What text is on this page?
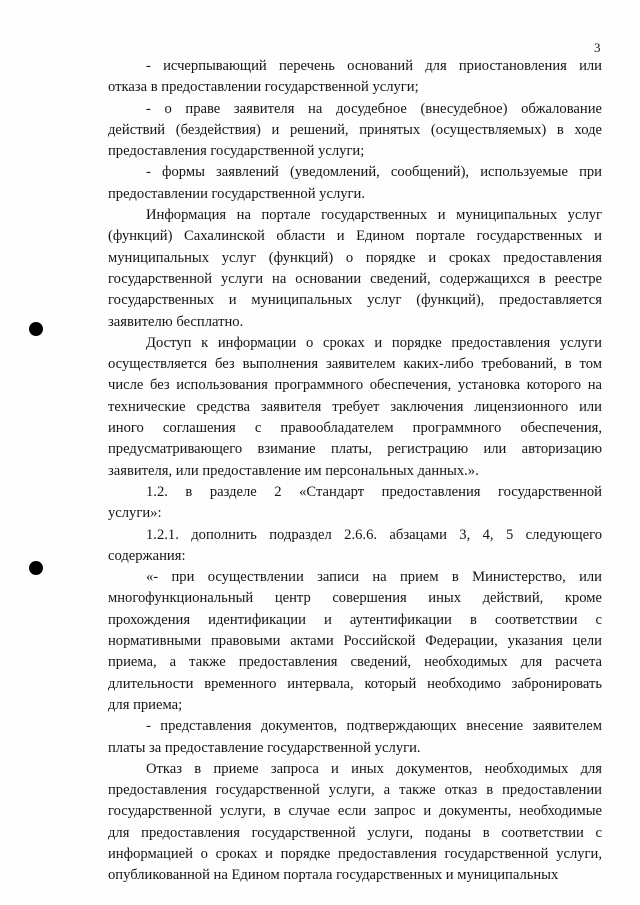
3
- исчерпывающий перечень оснований для приостановления или
отказа в предоставлении государственной услуги;
- о праве заявителя на досудебное (внесудебное) обжалование
действий (бездействия) и решений, принятых (осуществляемых) в ходе
предоставления государственной услуги;
- формы заявлений (уведомлений, сообщений), используемые при
предоставлении государственной услуги.
Информация на портале государственных и муниципальных услуг
(функций) Сахалинской области и Едином портале государственных и
муниципальных услуг (функций) о порядке и сроках предоставления
государственной услуги на основании сведений, содержащихся в реестре
государственных и муниципальных услуг (функций), предоставляется
заявителю бесплатно.
Доступ к информации о сроках и порядке предоставления услуги
осуществляется без выполнения заявителем каких-либо требований, в том
числе без использования программного обеспечения, установка которого на
технические средства заявителя требует заключения лицензионного или
иного соглашения с правообладателем программного обеспечения,
предусматривающего взимание платы, регистрацию или авторизацию
заявителя, или предоставление им персональных данных.».
1.2. в разделе 2 «Стандарт предоставления государственной
услуги»:
1.2.1. дополнить подраздел 2.6.6. абзацами 3, 4, 5 следующего
содержания:
«- при осуществлении записи на прием в Министерство, или
многофункциональный центр совершения иных действий, кроме
прохождения идентификации и аутентификации в соответствии с
нормативными правовыми актами Российской Федерации, указания цели
приема, а также предоставления сведений, необходимых для расчета
длительности временного интервала, который необходимо забронировать
для приема;
- представления документов, подтверждающих внесение заявителем
платы за предоставление государственной услуги.
Отказ в приеме запроса и иных документов, необходимых для
предоставления государственной услуги, а также отказ в предоставлении
государственной услуги, в случае если запрос и документы, необходимые
для предоставления государственной услуги, поданы в соответствии с
информацией о сроках и порядке предоставления государственной услуги,
опубликованной на Едином портала государственных и муниципальных
